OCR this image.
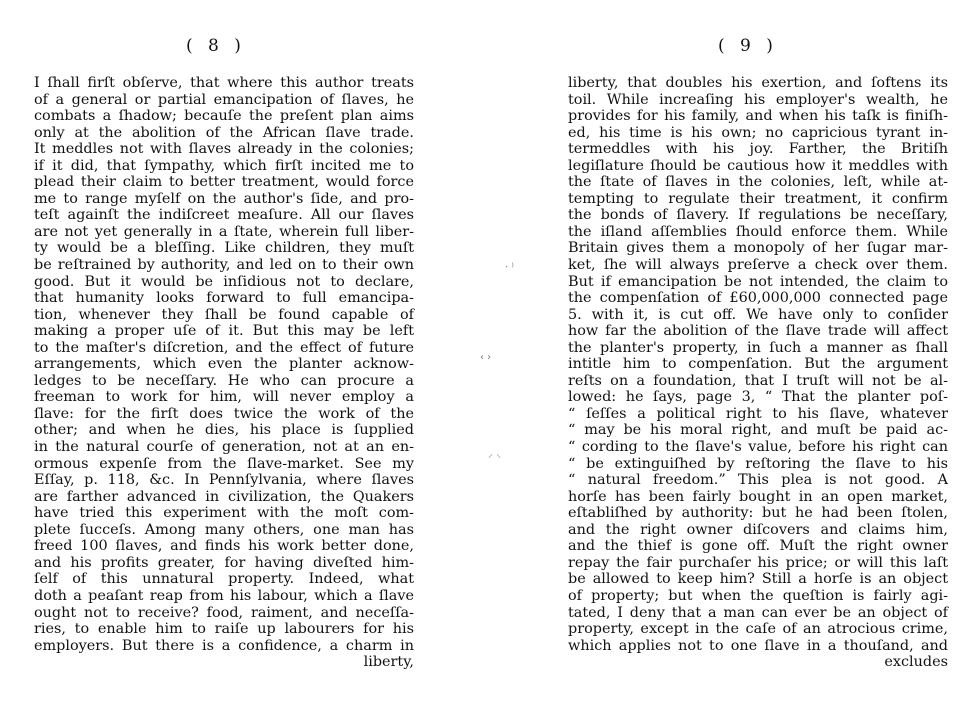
( 8 )
I ſhall firſt obſerve, that where this author treats
of a general or partial emancipation of ſlaves, he
combats a ſhadow; becauſe the preſent plan aims
only at the abolition of the African ſlave trade.
It meddles not with ſlaves already in the colonies;
if it did, that ſympathy, which firſt incited me to
plead their claim to better treatment, would force
me to range myſelf on the author's ſide, and pro-
teſt againſt the indiſcreet meaſure. All our ſlaves
are not yet generally in a ſtate, wherein full liber-
ty would be a bleſſing. Like children, they muſt
be reſtrained by authority, and led on to their own
good. But it would be inſidious not to declare,
that humanity looks forward to full emancipa-
tion, whenever they ſhall be found capable of
making a proper uſe of it. But this may be left
to the maſter's diſcretion, and the effect of future
arrangements, which even the planter acknow-
ledges to be neceſſary. He who can procure a
freeman to work for him, will never employ a
ſlave: for the firſt does twice the work of the
other; and when he dies, his place is ſupplied
in the natural courſe of generation, not at an en-
ormous expenſe from the ſlave-market. See my
Eſſay, p. 118, &c. In Pennſylvania, where ſlaves
are farther advanced in civilization, the Quakers
have tried this experiment with the moſt com-
plete ſucceſs. Among many others, one man has
freed 100 ſlaves, and finds his work better done,
and his profits greater, for having diveſted him-
ſelf of this unnatural property. Indeed, what
doth a peaſant reap from his labour, which a ſlave
ought not to receive? food, raiment, and neceſſa-
ries, to enable him to raiſe up labourers for his
employers. But there is a confidence, a charm in
liberty,
⋅ ⁾
‹ ›
⸝ ⸜
( 9 )
liberty, that doubles his exertion, and ſoftens its
toil. While increaſing his employer's wealth, he
provides for his family, and when his taſk is finiſh-
ed, his time is his own; no capricious tyrant in-
termeddles with his joy. Farther, the Britiſh
legiſlature ſhould be cautious how it meddles with
the ſtate of ſlaves in the colonies, leſt, while at-
tempting to regulate their treatment, it confirm
the bonds of ſlavery. If regulations be neceſſary,
the iſland aſſemblies ſhould enforce them. While
Britain gives them a monopoly of her ſugar mar-
ket, ſhe will always preſerve a check over them.
But if emancipation be not intended, the claim to
the compenſation of £60,000,000 connected page
5. with it, is cut off. We have only to conſider
how far the abolition of the ſlave trade will affect
the planter's property, in ſuch a manner as ſhall
intitle him to compenſation. But the argument
reſts on a foundation, that I truſt will not be al-
lowed: he ſays, page 3, “ That the planter poſ-
“ ſeſſes a political right to his ſlave, whatever
“ may be his moral right, and muſt be paid ac-
“ cording to the ſlave's value, before his right can
“ be extinguiſhed by reſtoring the ſlave to his
“ natural freedom.” This plea is not good. A
horſe has been fairly bought in an open market,
eſtabliſhed by authority: but he had been ſtolen,
and the right owner diſcovers and claims him,
and the thief is gone off. Muſt the right owner
repay the fair purchaſer his price; or will this laſt
be allowed to keep him? Still a horſe is an object
of property; but when the queſtion is fairly agi-
tated, I deny that a man can ever be an object of
property, except in the caſe of an atrocious crime,
which applies not to one ſlave in a thouſand, and
excludes
